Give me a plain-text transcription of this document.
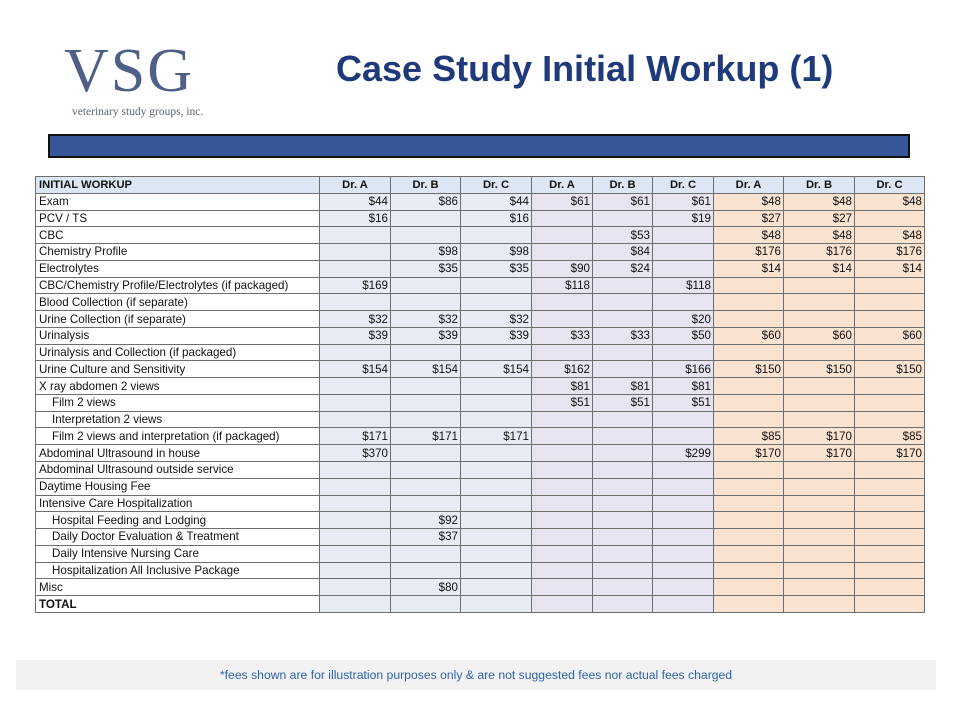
VSG
veterinary study groups, inc.
Case Study Initial Workup (1)
INITIAL WORKUP	Dr. A	Dr. B	Dr. C	Dr. A	Dr. B	Dr. C	Dr. A	Dr. B	Dr. C
Exam	$44	$86	$44	$61	$61	$61	$48	$48	$48
PCV / TS	$16		$16			$19	$27	$27	
CBC					$53		$48	$48	$48
Chemistry Profile		$98	$98		$84		$176	$176	$176
Electrolytes		$35	$35	$90	$24		$14	$14	$14
CBC/Chemistry Profile/Electrolytes (if packaged)	$169			$118		$118			
Blood Collection (if separate)									
Urine Collection (if separate)	$32	$32	$32			$20			
Urinalysis	$39	$39	$39	$33	$33	$50	$60	$60	$60
Urinalysis and Collection (if packaged)									
Urine Culture and Sensitivity	$154	$154	$154	$162		$166	$150	$150	$150
X ray abdomen 2 views				$81	$81	$81			
Film 2 views				$51	$51	$51			
Interpretation 2 views									
Film 2 views and interpretation (if packaged)	$171	$171	$171				$85	$170	$85
Abdominal Ultrasound in house	$370					$299	$170	$170	$170
Abdominal Ultrasound outside service									
Daytime Housing Fee									
Intensive Care Hospitalization									
Hospital Feeding and Lodging		$92							
Daily Doctor Evaluation & Treatment		$37							
Daily Intensive Nursing Care									
Hospitalization All Inclusive Package									
Misc		$80							
TOTAL									
*fees shown are for illustration purposes only & are not suggested fees nor actual fees charged
